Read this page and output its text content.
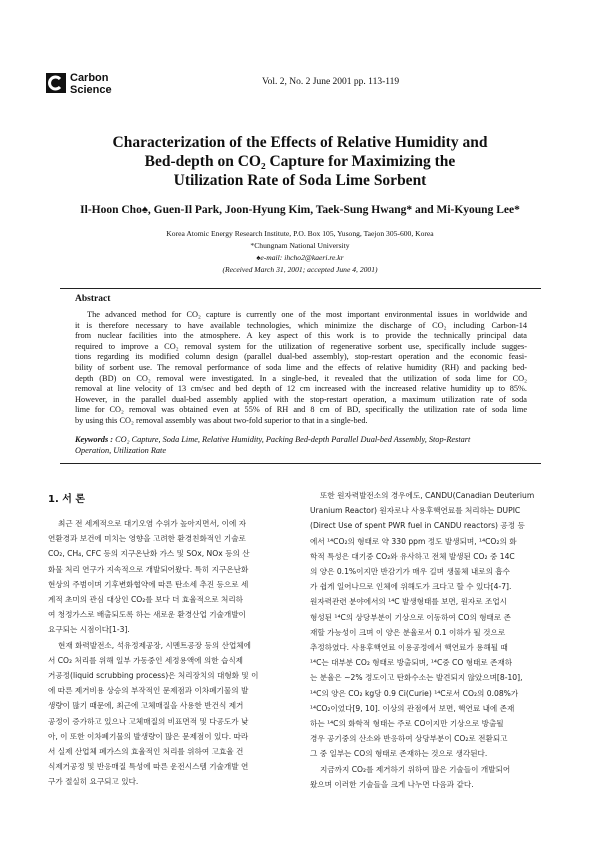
Carbon
Science
Vol. 2, No. 2 June 2001 pp. 113-119
Characterization of the Effects of Relative Humidity and
Bed-depth on CO₂ Capture for Maximizing the
Utilization Rate of Soda Lime Sorbent
Il-Hoon Cho♠, Guen-Il Park, Joon-Hyung Kim, Taek-Sung Hwang* and Mi-Kyoung Lee*
Korea Atomic Energy Research Institute, P.O. Box 105, Yusong, Taejon 305-600, Korea
*Chungnam National University
♠e-mail: ihcho2@kaeri.re.kr
(Received March 31, 2001; accepted June 4, 2001)
Abstract
The advanced method for CO₂ capture is currently one of the most important environmental issues in worldwide and
it is therefore necessary to have available technologies, which minimize the discharge of CO₂ including Carbon-14
from nuclear facilities into the atmosphere. A key aspect of this work is to provide the technically principal data
required to improve a CO₂ removal system for the utilization of regenerative sorbent use, specifically include sugges-
tions regarding its modified column design (parallel dual-bed assembly), stop-restart operation and the economic feasi-
bility of sorbent use. The removal performance of soda lime and the effects of relative humidity (RH) and packing bed-
depth (BD) on CO₂ removal were investigated. In a single-bed, it revealed that the utilization of soda lime for CO₂
removal at line velocity of 13 cm/sec and bed depth of 12 cm increased with the increased relative humidity up to 85%.
However, in the parallel dual-bed assembly applied with the stop-restart operation, a maximum utilization rate of soda
lime for CO₂ removal was obtained even at 55% of RH and 8 cm of BD, specifically the utilization rate of soda lime
by using this CO₂ removal assembly was about two-fold superior to that in a single-bed.
Keywords : CO₂ Capture, Soda Lime, Relative Humidity, Packing Bed-depth Parallel Dual-bed Assembly, Stop-Restart
Operation, Utilization Rate
1. 서 론
최근 전 세계적으로 대기오염 수위가 높아지면서, 이에 자
연환경과 보건에 미치는 영향을 고려한 환경친화적인 기술로
CO₂, CH₄, CFC 등의 지구온난화 가스 및 SOx, NOx 등의 산
화물 처리 연구가 지속적으로 개발되어왔다. 특히 지구온난화
현상의 주범이며 기후변화협약에 따른 탄소세 추진 등으로 세
계적 초미의 관심 대상인 CO₂를 보다 더 효율적으로 처리하
여 청정가스로 배출되도록 하는 새로운 환경산업 기술개발이
요구되는 시점이다[1-3].
현재 화력발전소, 석유정제공장, 시멘트공장 등의 산업체에
서 CO₂ 처리를 위해 일부 가동중인 세정용액에 의한 습식제
거공정(liquid scrubbing process)은 처리장치의 대형화 및 이
에 따른 제거비용 상승의 부작적인 문제점과 이차폐기물의 발
생량이 많기 때문에, 최근에 고체매질을 사용한 반건식 제거
공정이 증가하고 있으나 고체매질의 비표면적 및 다공도가 낮
아, 이 또한 이차폐기물의 발생량이 많은 문제점이 있다. 따라
서 실제 산업체 폐가스의 효율적인 처리를 위하여 고효율 건
식제거공정 및 반응매질 특성에 따른 운전시스템 기술개발 연
구가 절실히 요구되고 있다.
또한 원자력발전소의 경우에도, CANDU(Canadian Deuterium
Uranium Reactor) 원자로나 사용후핵연료를 처리하는 DUPIC
(Direct Use of spent PWR fuel in CANDU reactors) 공정 등
에서 ¹⁴CO₂의 형태로 약 330 ppm 정도 발생되며, ¹⁴CO₂의 화
학적 특성은 대기중 CO₂와 유사하고 전체 발생된 CO₂ 중 14C
의 양은 0.1%이지만 반감기가 매우 길며 생물체 내로의 흡수
가 쉽게 일어나므로 인체에 위해도가 크다고 할 수 있다[4-7].
원자력관련 분야에서의 ¹⁴C 발생형태를 보면, 원자로 조업시
형성된 ¹⁴C의 상당부분이 기상으로 이동하여 CO의 형태로 존
재할 가능성이 크며 이 양은 분율로서 0.1 이하가 될 것으로
추정하였다. 사용후핵연료 이용공정에서 핵연료가 용해될 때
¹⁴C는 대부분 CO₂ 형태로 방출되며, ¹⁴C중 CO 형태로 존재하
는 분율은 ~2% 정도이고 탄화수소는 발견되지 않았으며[8-10],
¹⁴C의 양은 CO₂ kg당 0.9 Ci(Curie) ¹⁴C로서 CO₂의 0.08%가
¹⁴CO₂이었다[9, 10]. 이상의 관점에서 보면, 핵연료 내에 존재
하는 ¹⁴C의 화학적 형태는 주로 CO이지만 기상으로 방출될
경우 공기중의 산소와 반응하여 상당부분이 CO₂로 전환되고
그 중 일부는 CO의 형태로 존재하는 것으로 생각된다.
지금까지 CO₂를 제거하기 위하여 많은 기술들이 개발되어
왔으며 이러한 기술들을 크게 나누면 다음과 같다.
